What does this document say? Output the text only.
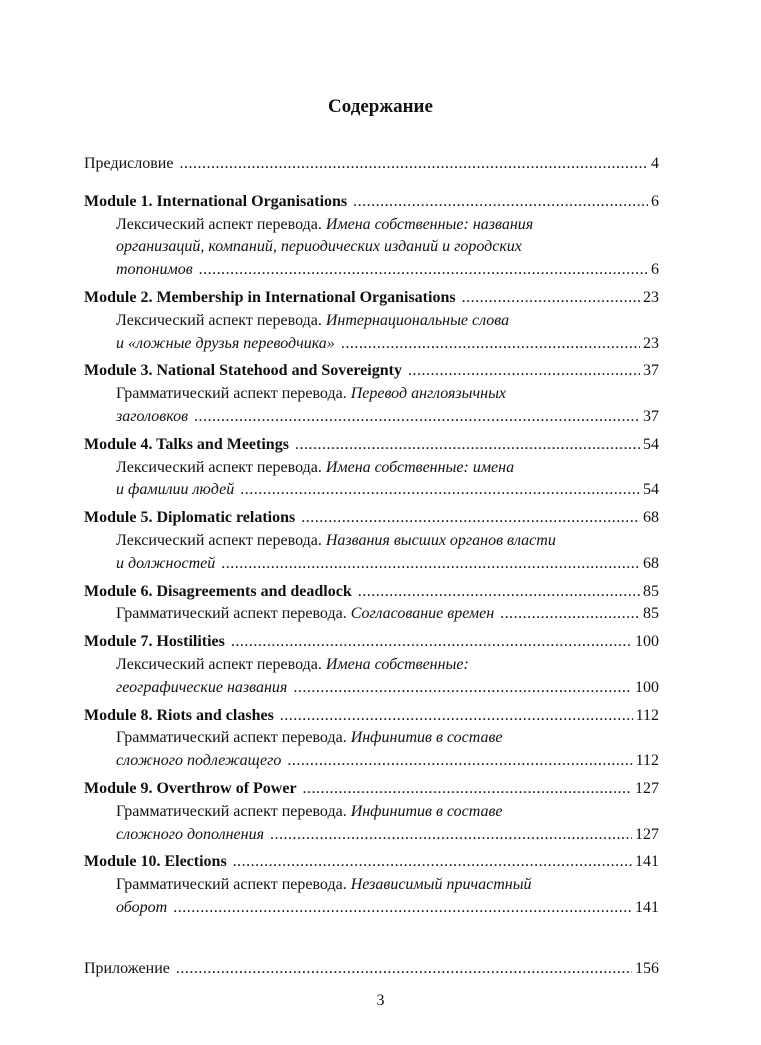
Содержание
Предисловие .....	4
Module 1. International Organisations .....	6
Лексический аспект перевода. Имена собственные: названия
организаций, компаний, периодических изданий и городских
топонимов .....	6
Module 2. Membership in International Organisations .....	23
Лексический аспект перевода. Интернациональные слова
и «ложные друзья переводчика» .....	23
Module 3. National Statehood and Sovereignty .....	37
Грамматический аспект перевода. Перевод англоязычных
заголовков .....	37
Module 4. Talks and Meetings .....	54
Лексический аспект перевода. Имена собственные: имена
и фамилии людей .....	54
Module 5. Diplomatic relations .....	68
Лексический аспект перевода. Названия высших органов власти
и должностей .....	68
Module 6. Disagreements and deadlock .....	85
Грамматический аспект перевода. Согласование времен .....	85
Module 7. Hostilities .....	100
Лексический аспект перевода. Имена собственные:
географические названия .....	100
Module 8. Riots and clashes .....	112
Грамматический аспект перевода. Инфинитив в составе
сложного подлежащего .....	112
Module 9. Overthrow of Power .....	127
Грамматический аспект перевода. Инфинитив в составе
сложного дополнения .....	127
Module 10. Elections .....	141
Грамматический аспект перевода. Независимый причастный
оборот .....	141
Приложение .....	156
3
